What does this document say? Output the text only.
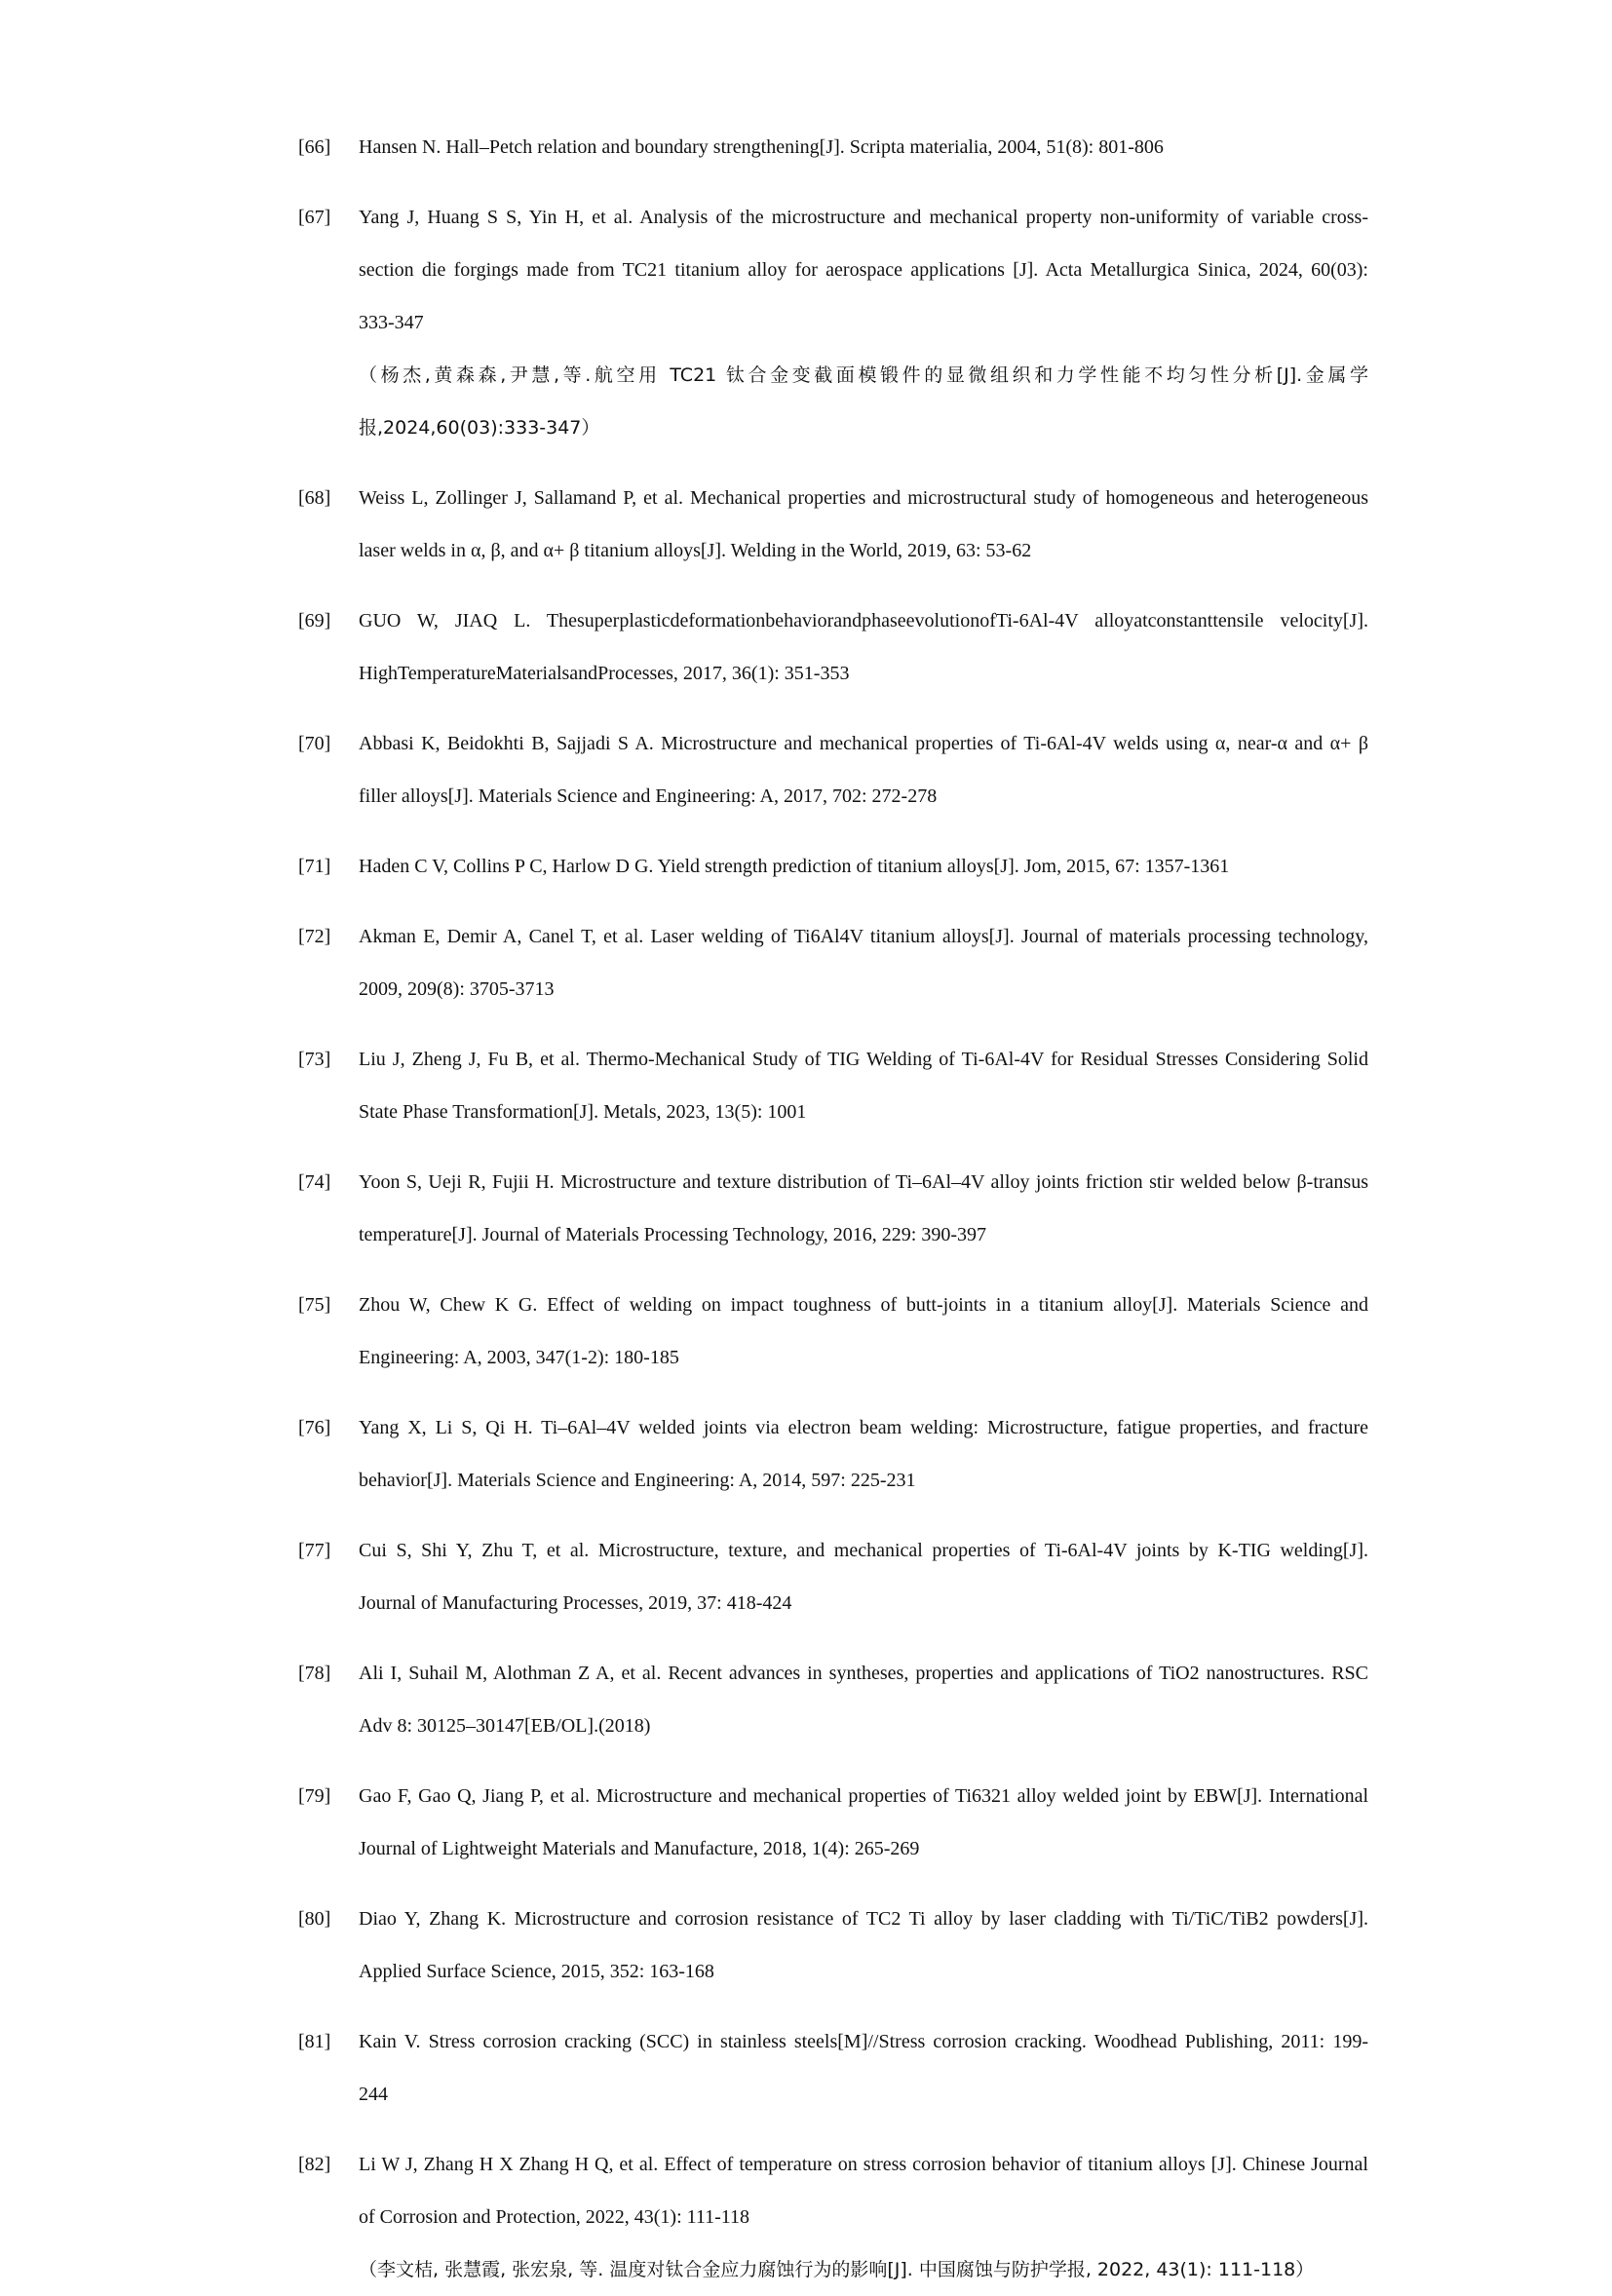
[66] Hansen N. Hall–Petch relation and boundary strengthening[J]. Scripta materialia, 2004, 51(8): 801-806
[67] Yang J, Huang S S, Yin H, et al. Analysis of the microstructure and mechanical property non-uniformity of variable cross-
section die forgings made from TC21 titanium alloy for aerospace applications [J]. Acta Metallurgica Sinica, 2024, 60(03):
333-347
（杨杰,黄森森,尹慧,等.航空用 TC21 钛合金变截面模锻件的显微组织和力学性能不均匀性分析[J].金属学
报,2024,60(03):333-347）
[68] Weiss L, Zollinger J, Sallamand P, et al. Mechanical properties and microstructural study of homogeneous and heterogeneous
laser welds in α, β, and α+ β titanium alloys[J]. Welding in the World, 2019, 63: 53-62
[69] GUO W, JIAQ L. Thesuperplasticdeformationbehaviorandphaseevolutionof​Ti-6Al-4V alloyatconstanttensile velocity[J].
HighTemperatureMaterialsandProcesses, 2017, 36(1): 351-353
[70] Abbasi K, Beidokhti B, Sajjadi S A. Microstructure and mechanical properties of Ti-6Al-4V welds using α, near-α and α+ β
filler alloys[J]. Materials Science and Engineering: A, 2017, 702: 272-278
[71] Haden C V, Collins P C, Harlow D G. Yield strength prediction of titanium alloys[J]. Jom, 2015, 67: 1357-1361
[72] Akman E, Demir A, Canel T, et al. Laser welding of Ti6Al4V titanium alloys[J]. Journal of materials processing technology,
2009, 209(8): 3705-3713
[73] Liu J, Zheng J, Fu B, et al. Thermo-Mechanical Study of TIG Welding of Ti-6Al-4V for Residual Stresses Considering Solid
State Phase Transformation[J]. Metals, 2023, 13(5): 1001
[74] Yoon S, Ueji R, Fujii H. Microstructure and texture distribution of Ti–6Al–4V alloy joints friction stir welded below β-transus
temperature[J]. Journal of Materials Processing Technology, 2016, 229: 390-397
[75] Zhou W, Chew K G. Effect of welding on impact toughness of butt-joints in a titanium alloy[J]. Materials Science and
Engineering: A, 2003, 347(1-2): 180-185
[76] Yang X, Li S, Qi H. Ti–6Al–4V welded joints via electron beam welding: Microstructure, fatigue properties, and fracture
behavior[J]. Materials Science and Engineering: A, 2014, 597: 225-231
[77] Cui S, Shi Y, Zhu T, et al. Microstructure, texture, and mechanical properties of Ti-6Al-4V joints by K-TIG welding[J].
Journal of Manufacturing Processes, 2019, 37: 418-424
[78] Ali I, Suhail M, Alothman Z A, et al. Recent advances in syntheses, properties and applications of TiO2 nanostructures. RSC
Adv 8: 30125–30147[EB/OL].(2018)
[79] Gao F, Gao Q, Jiang P, et al. Microstructure and mechanical properties of Ti6321 alloy welded joint by EBW[J]. International
Journal of Lightweight Materials and Manufacture, 2018, 1(4): 265-269
[80] Diao Y, Zhang K. Microstructure and corrosion resistance of TC2 Ti alloy by laser cladding with Ti/TiC/TiB2 powders[J].
Applied Surface Science, 2015, 352: 163-168
[81] Kain V. Stress corrosion cracking (SCC) in stainless steels[M]//Stress corrosion cracking. Woodhead Publishing, 2011: 199-
244
[82] Li W J, Zhang H X Zhang H Q, et al. Effect of temperature on stress corrosion behavior of titanium alloys [J]. Chinese Journal
of Corrosion and Protection, 2022, 43(1): 111-118
（李文桔, 张慧霞, 张宏泉, 等. 温度对钛合金应力腐蚀行为的影响[J]. 中国腐蚀与防护学报, 2022, 43(1): 111-118）
